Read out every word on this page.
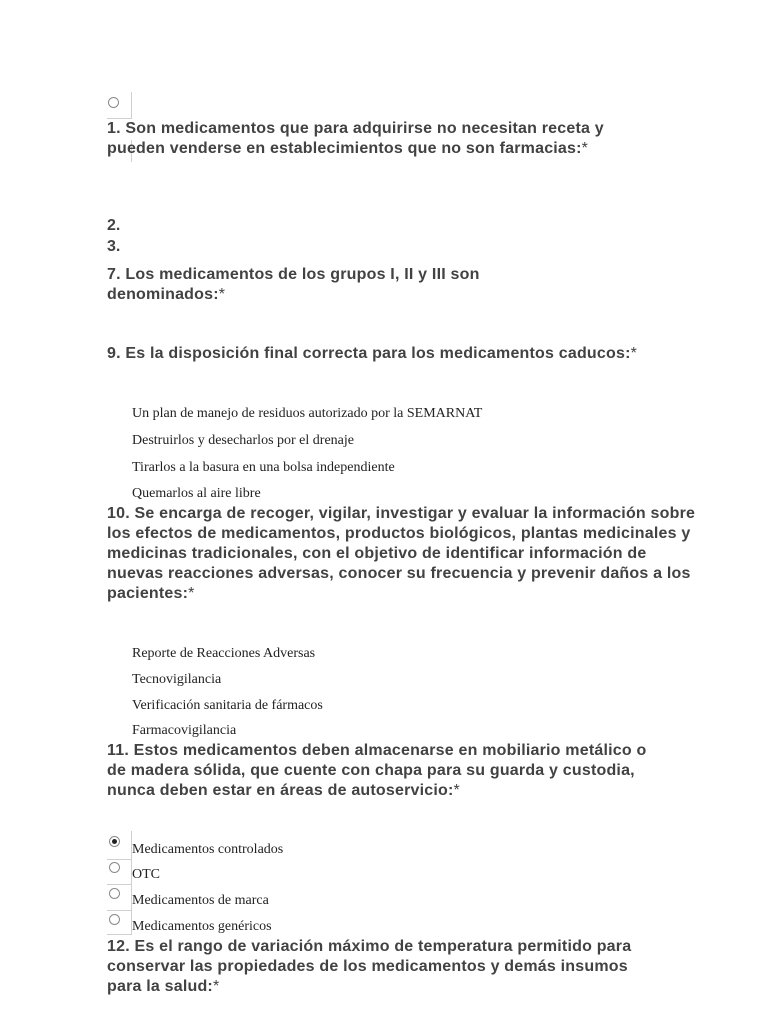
1. Son medicamentos que para adquirirse no necesitan receta y pueden venderse en establecimientos que no son farmacias:*
2.
3.
7. Los medicamentos de los grupos I, II y III son denominados:*
9. Es la disposición final correcta para los medicamentos caducos:*
Un plan de manejo de residuos autorizado por la SEMARNAT
Destruirlos y desecharlos por el drenaje
Tirarlos a la basura en una bolsa independiente
Quemarlos al aire libre
10. Se encarga de recoger, vigilar, investigar y evaluar la información sobre los efectos de medicamentos, productos biológicos, plantas medicinales y medicinas tradicionales, con el objetivo de identificar información de nuevas reacciones adversas, conocer su frecuencia y prevenir daños a los pacientes:*
Reporte de Reacciones Adversas
Tecnovigilancia
Verificación sanitaria de fármacos
Farmacovigilancia
11. Estos medicamentos deben almacenarse en mobiliario metálico o de madera sólida, que cuente con chapa para su guarda y custodia, nunca deben estar en áreas de autoservicio:*
Medicamentos controlados
OTC
Medicamentos de marca
Medicamentos genéricos
12. Es el rango de variación máximo de temperatura permitido para conservar las propiedades de los medicamentos y demás insumos para la salud:*
